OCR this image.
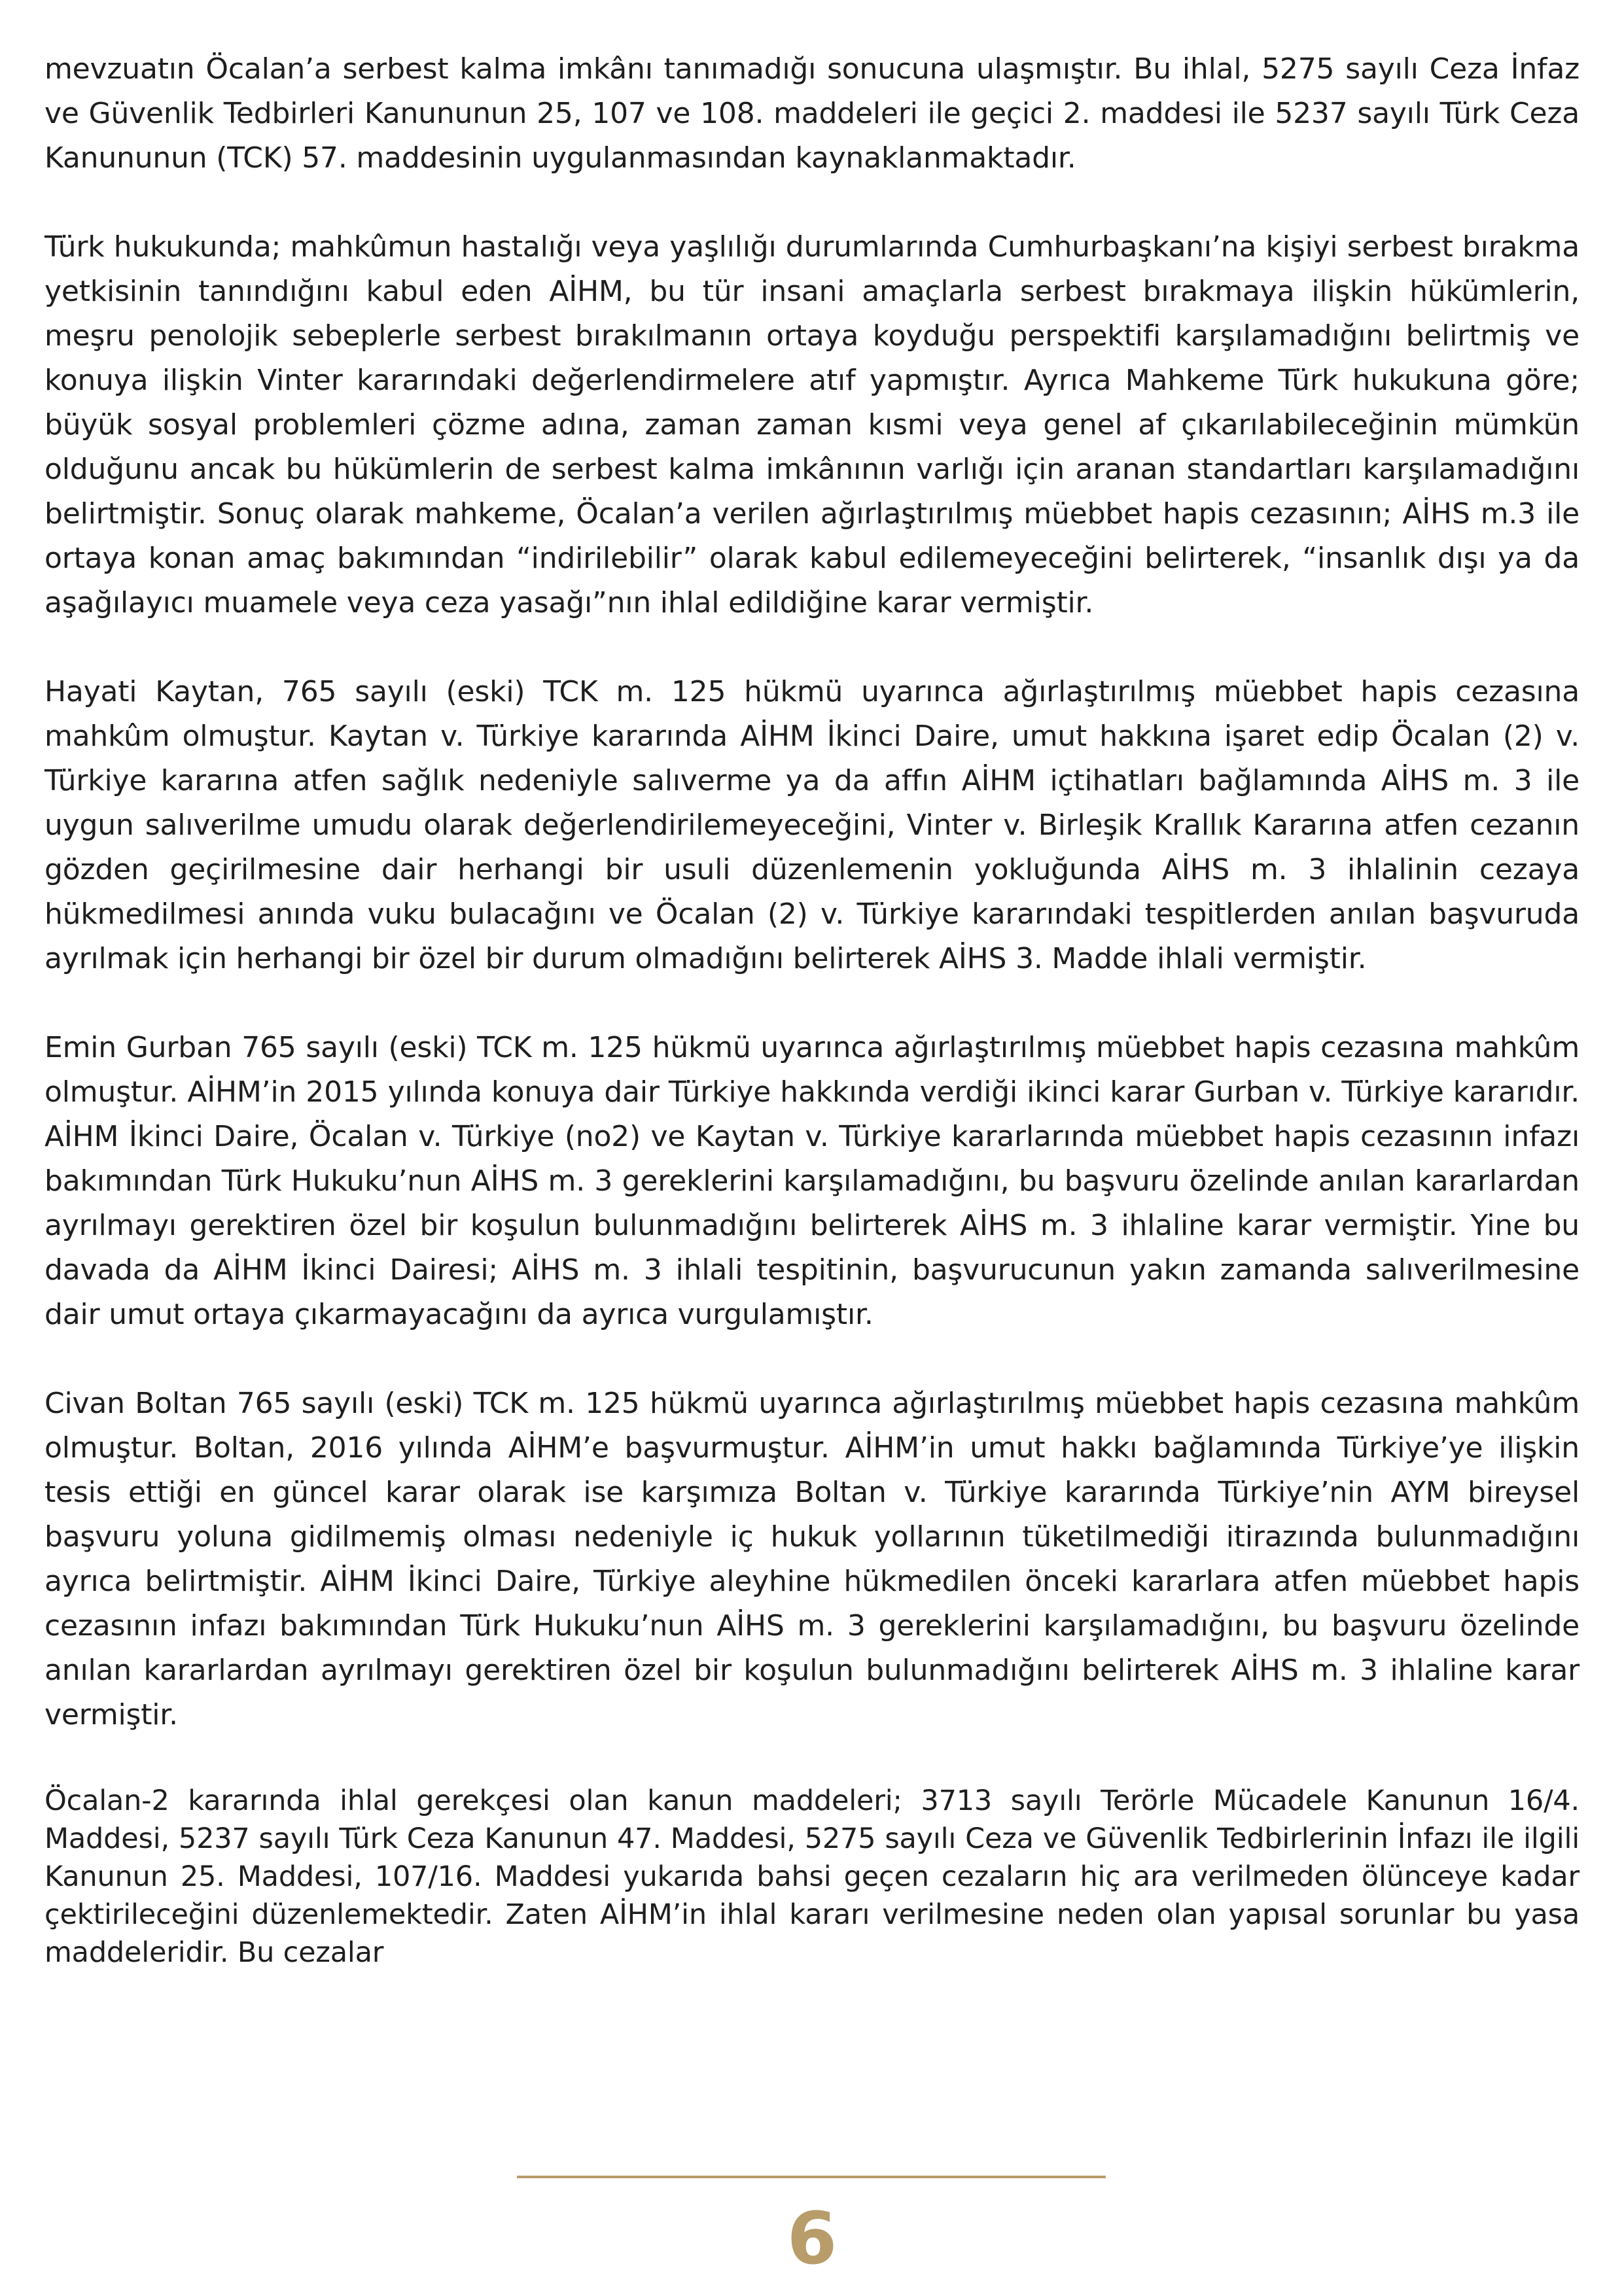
mevzuatın Öcalan’a serbest kalma imkânı tanımadığı sonucuna ulaşmıştır. Bu ihlal, 5275 sayılı Ceza İnfaz ve Güvenlik Tedbirleri Kanununun 25, 107 ve 108. maddeleri ile geçici 2. maddesi ile 5237 sayılı Türk Ceza Kanununun (TCK) 57. maddesinin uygulanmasından kaynaklanmaktadır.

Türk hukukunda; mahkûmun hastalığı veya yaşlılığı durumlarında Cumhurbaşkanı’na kişiyi serbest bırakma yetkisinin tanındığını kabul eden AİHM, bu tür insani amaçlarla serbest bırakmaya ilişkin hükümlerin, meşru penolojik sebeplerle serbest bırakılmanın ortaya koyduğu perspektifi karşılamadığını belirtmiş ve konuya ilişkin Vinter kararındaki değerlendirmelere atıf yapmıştır. Ayrıca Mahkeme Türk hukukuna göre; büyük sosyal problemleri çözme adına, zaman zaman kısmi veya genel af çıkarılabileceğinin mümkün olduğunu ancak bu hükümlerin de serbest kalma imkânının varlığı için aranan standartları karşılamadığını belirtmiştir. Sonuç olarak mahkeme, Öcalan’a verilen ağırlaştırılmış müebbet hapis cezasının; AİHS m.3 ile ortaya konan amaç bakımından “indirilebilir” olarak kabul edilemeyeceğini belirterek, “insanlık dışı ya da aşağılayıcı muamele veya ceza yasağı”nın ihlal edildiğine karar vermiştir.

Hayati Kaytan, 765 sayılı (eski) TCK m. 125 hükmü uyarınca ağırlaştırılmış müebbet hapis cezasına mahkûm olmuştur. Kaytan v. Türkiye kararında AİHM İkinci Daire, umut hakkına işaret edip Öcalan (2) v. Türkiye kararına atfen sağlık nedeniyle salıverme ya da affın AİHM içtihatları bağlamında AİHS m. 3 ile uygun salıverilme umudu olarak değerlendirilemeyeceğini, Vinter v. Birleşik Krallık Kararına atfen cezanın gözden geçirilmesine dair herhangi bir usuli düzenlemenin yokluğunda AİHS m. 3 ihlalinin cezaya hükmedilmesi anında vuku bulacağını ve Öcalan (2) v. Türkiye kararındaki tespitlerden anılan başvuruda ayrılmak için herhangi bir özel bir durum olmadığını belirterek AİHS 3. Madde ihlali vermiştir.

Emin Gurban 765 sayılı (eski) TCK m. 125 hükmü uyarınca ağırlaştırılmış müebbet hapis cezasına mahkûm olmuştur. AİHM’in 2015 yılında konuya dair Türkiye hakkında verdiği ikinci karar Gurban v. Türkiye kararıdır. AİHM İkinci Daire, Öcalan v. Türkiye (no2) ve Kaytan v. Türkiye kararlarında müebbet hapis cezasının infazı bakımından Türk Hukuku’nun AİHS m. 3 gereklerini karşılamadığını, bu başvuru özelinde anılan kararlardan ayrılmayı gerektiren özel bir koşulun bulunmadığını belirterek AİHS m. 3 ihlaline karar vermiştir. Yine bu davada da AİHM İkinci Dairesi; AİHS m. 3 ihlali tespitinin, başvurucunun yakın zamanda salıverilmesine dair umut ortaya çıkarmayacağını da ayrıca vurgulamıştır.

Civan Boltan 765 sayılı (eski) TCK m. 125 hükmü uyarınca ağırlaştırılmış müebbet hapis cezasına mahkûm olmuştur. Boltan, 2016 yılında AİHM’e başvurmuştur. AİHM’in umut hakkı bağlamında Türkiye’ye ilişkin tesis ettiği en güncel karar olarak ise karşımıza Boltan v. Türkiye kararında Türkiye’nin AYM bireysel başvuru yoluna gidilmemiş olması nedeniyle iç hukuk yollarının tüketilmediği itirazında bulunmadığını ayrıca belirtmiştir. AİHM İkinci Daire, Türkiye aleyhine hükmedilen önceki kararlara atfen müebbet hapis cezasının infazı bakımından Türk Hukuku’nun AİHS m. 3 gereklerini karşılamadığını, bu başvuru özelinde anılan kararlardan ayrılmayı gerektiren özel bir koşulun bulunmadığını belirterek AİHS m. 3 ihlaline karar vermiştir.

Öcalan-2 kararında ihlal gerekçesi olan kanun maddeleri; 3713 sayılı Terörle Mücadele Kanunun 16/4. Maddesi, 5237 sayılı Türk Ceza Kanunun 47. Maddesi, 5275 sayılı Ceza ve Güvenlik Tedbirlerinin İnfazı ile ilgili Kanunun 25. Maddesi, 107/16. Maddesi yukarıda bahsi geçen cezaların hiç ara verilmeden ölünceye kadar çektirileceğini düzenlemektedir. Zaten AİHM’in ihlal kararı verilmesine neden olan yapısal sorunlar bu yasa maddeleridir. Bu cezalar

6
